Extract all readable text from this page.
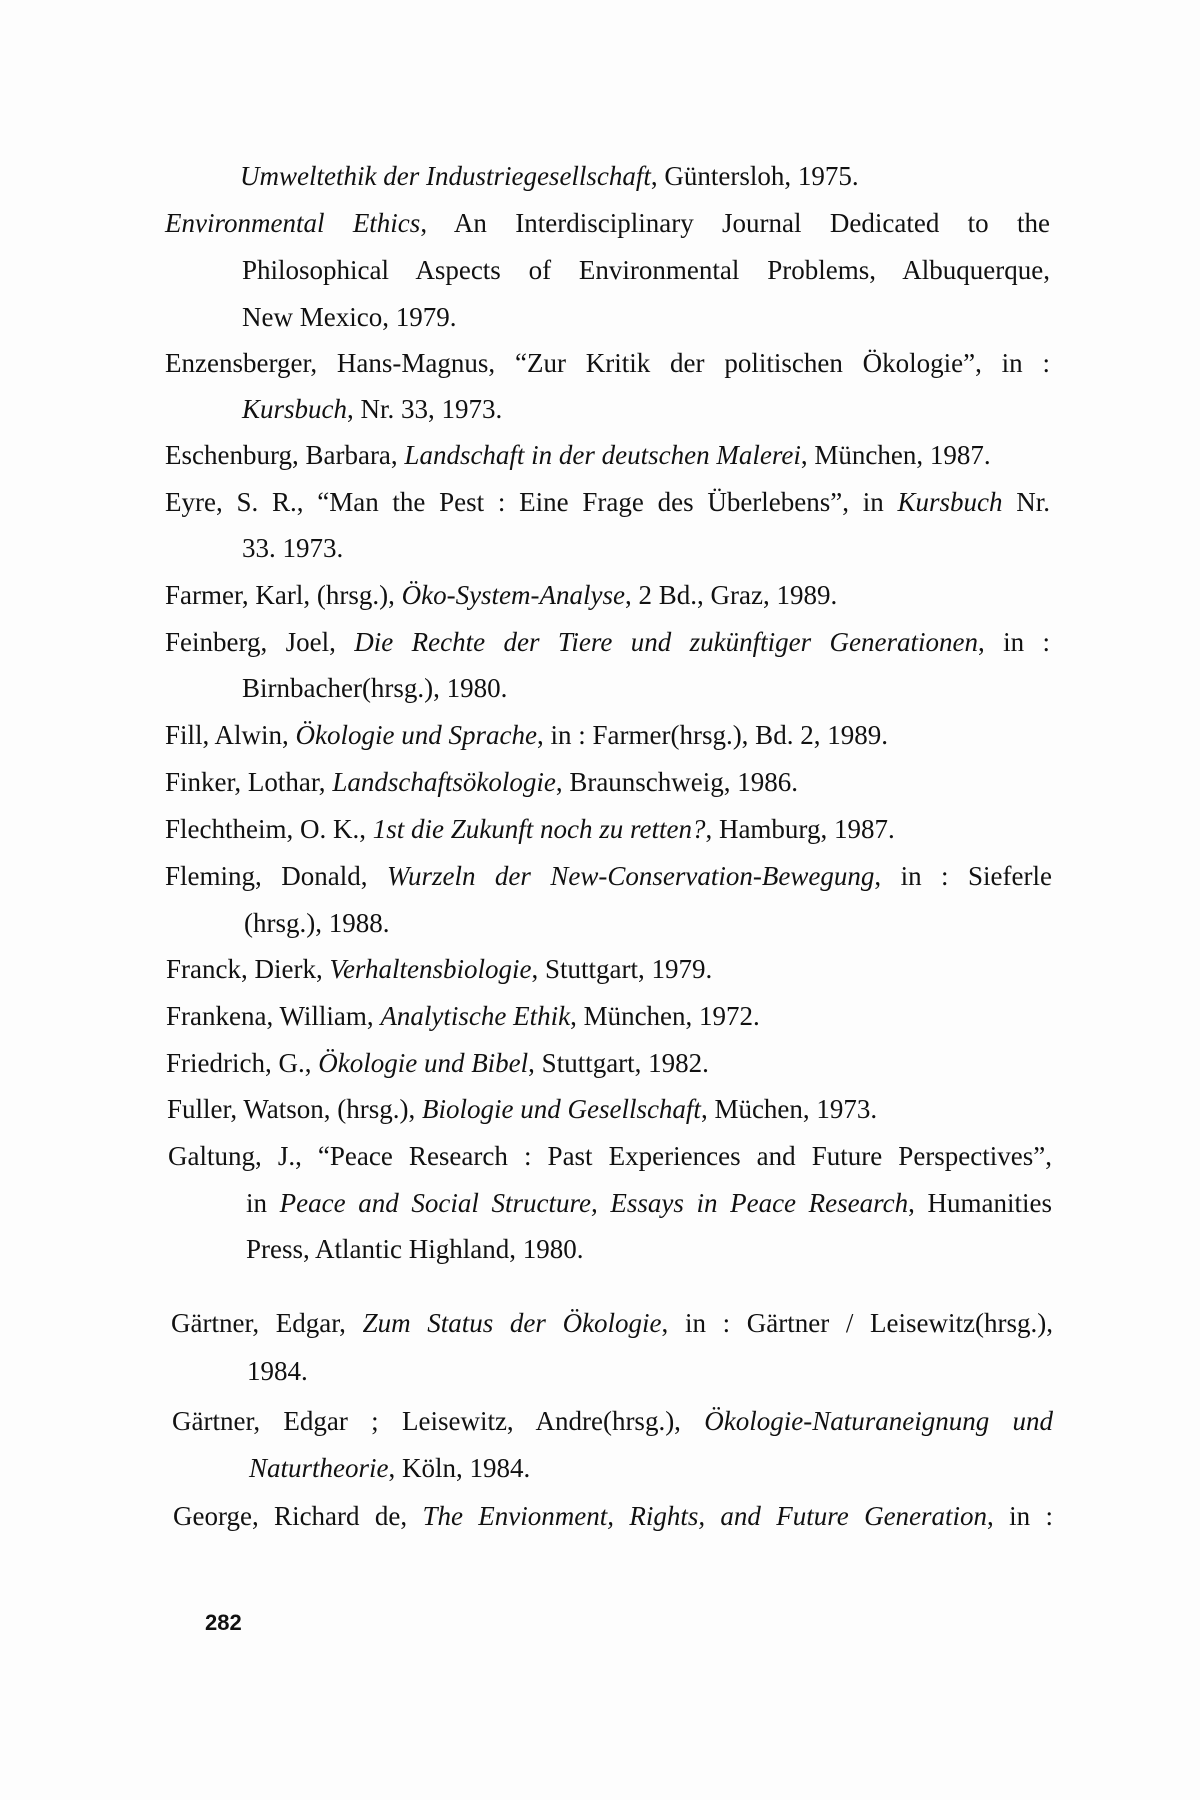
Umweltethik der Industriegesellschaft, Güntersloh, 1975.
Environmental Ethics, An Interdisciplinary Journal Dedicated to the
Philosophical Aspects of Environmental Problems, Albuquerque,
New Mexico, 1979.
Enzensberger, Hans-Magnus, “Zur Kritik der politischen Ökologie”, in :
Kursbuch, Nr. 33, 1973.
Eschenburg, Barbara, Landschaft in der deutschen Malerei, München, 1987.
Eyre, S. R., “Man the Pest : Eine Frage des Überlebens”, in Kursbuch Nr.
33. 1973.
Farmer, Karl, (hrsg.), Öko-System-Analyse, 2 Bd., Graz, 1989.
Feinberg, Joel, Die Rechte der Tiere und zukünftiger Generationen, in :
Birnbacher(hrsg.), 1980.
Fill, Alwin, Ökologie und Sprache, in : Farmer(hrsg.), Bd. 2, 1989.
Finker, Lothar, Landschaftsökologie, Braunschweig, 1986.
Flechtheim, O. K., 1st die Zukunft noch zu retten?, Hamburg, 1987.
Fleming, Donald, Wurzeln der New-Conservation-Bewegung, in : Sieferle
(hrsg.), 1988.
Franck, Dierk, Verhaltensbiologie, Stuttgart, 1979.
Frankena, William, Analytische Ethik, München, 1972.
Friedrich, G., Ökologie und Bibel, Stuttgart, 1982.
Fuller, Watson, (hrsg.), Biologie und Gesellschaft, Müchen, 1973.
Galtung, J., “Peace Research : Past Experiences and Future Perspectives”,
in Peace and Social Structure, Essays in Peace Research, Humanities
Press, Atlantic Highland, 1980.
Gärtner, Edgar, Zum Status der Ökologie, in : Gärtner / Leisewitz(hrsg.),
1984.
Gärtner, Edgar ; Leisewitz, Andre(hrsg.), Ökologie-Naturaneignung und
Naturtheorie, Köln, 1984.
George, Richard de, The Envionment, Rights, and Future Generation, in :
282
